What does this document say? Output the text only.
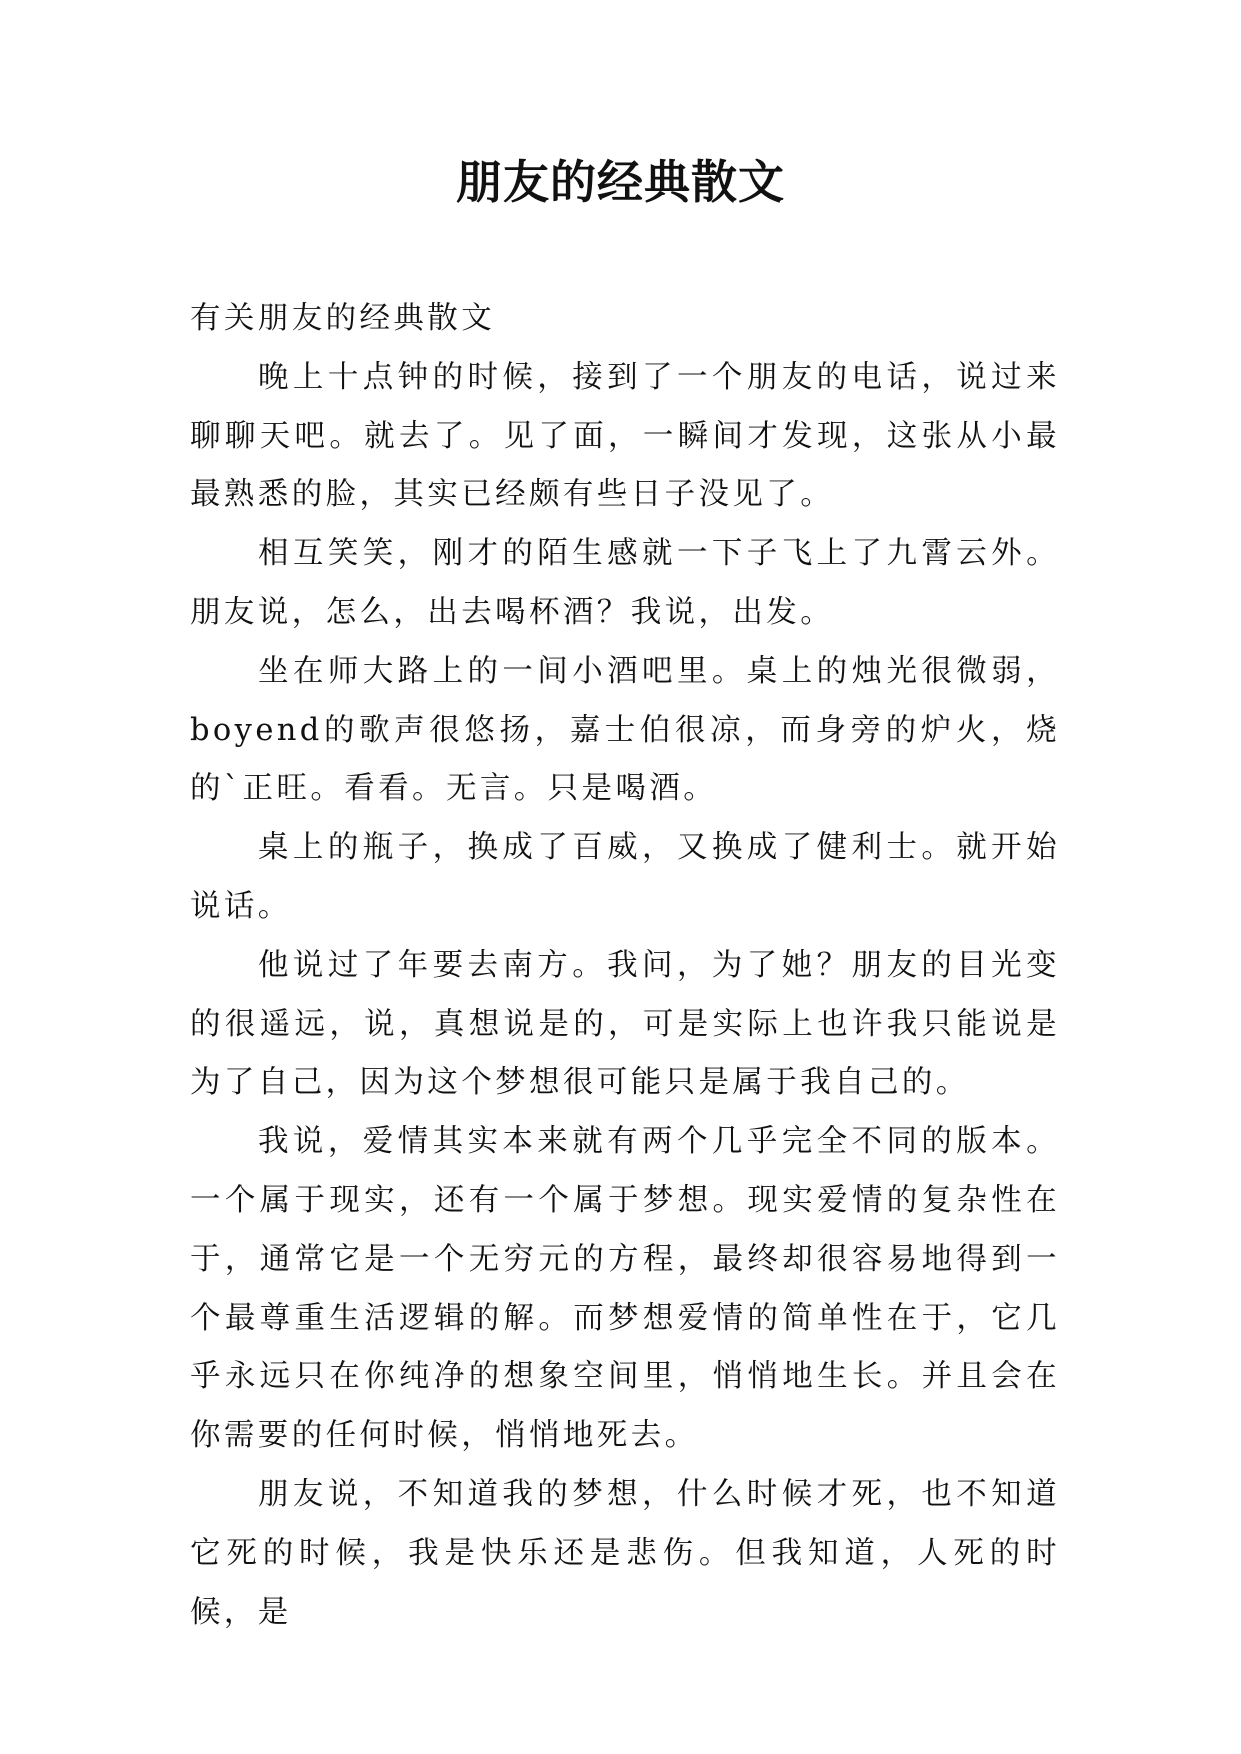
朋友的经典散文

有关朋友的经典散文

晚上十点钟的时候，接到了一个朋友的电话，说过来聊聊天吧。就去了。见了面，一瞬间才发现，这张从小最最熟悉的脸，其实已经颇有些日子没见了。

相互笑笑，刚才的陌生感就一下子飞上了九霄云外。朋友说，怎么，出去喝杯酒？我说，出发。

坐在师大路上的一间小酒吧里。桌上的烛光很微弱，boyend的歌声很悠扬，嘉士伯很凉，而身旁的炉火，烧的`正旺。看看。无言。只是喝酒。

桌上的瓶子，换成了百威，又换成了健利士。就开始说话。

他说过了年要去南方。我问，为了她？朋友的目光变的很遥远，说，真想说是的，可是实际上也许我只能说是为了自己，因为这个梦想很可能只是属于我自己的。

我说，爱情其实本来就有两个几乎完全不同的版本。一个属于现实，还有一个属于梦想。现实爱情的复杂性在于，通常它是一个无穷元的方程，最终却很容易地得到一个最尊重生活逻辑的解。而梦想爱情的简单性在于，它几乎永远只在你纯净的想象空间里，悄悄地生长。并且会在你需要的任何时候，悄悄地死去。

朋友说，不知道我的梦想，什么时候才死，也不知道它死的时候，我是快乐还是悲伤。但我知道，人死的时候，是
